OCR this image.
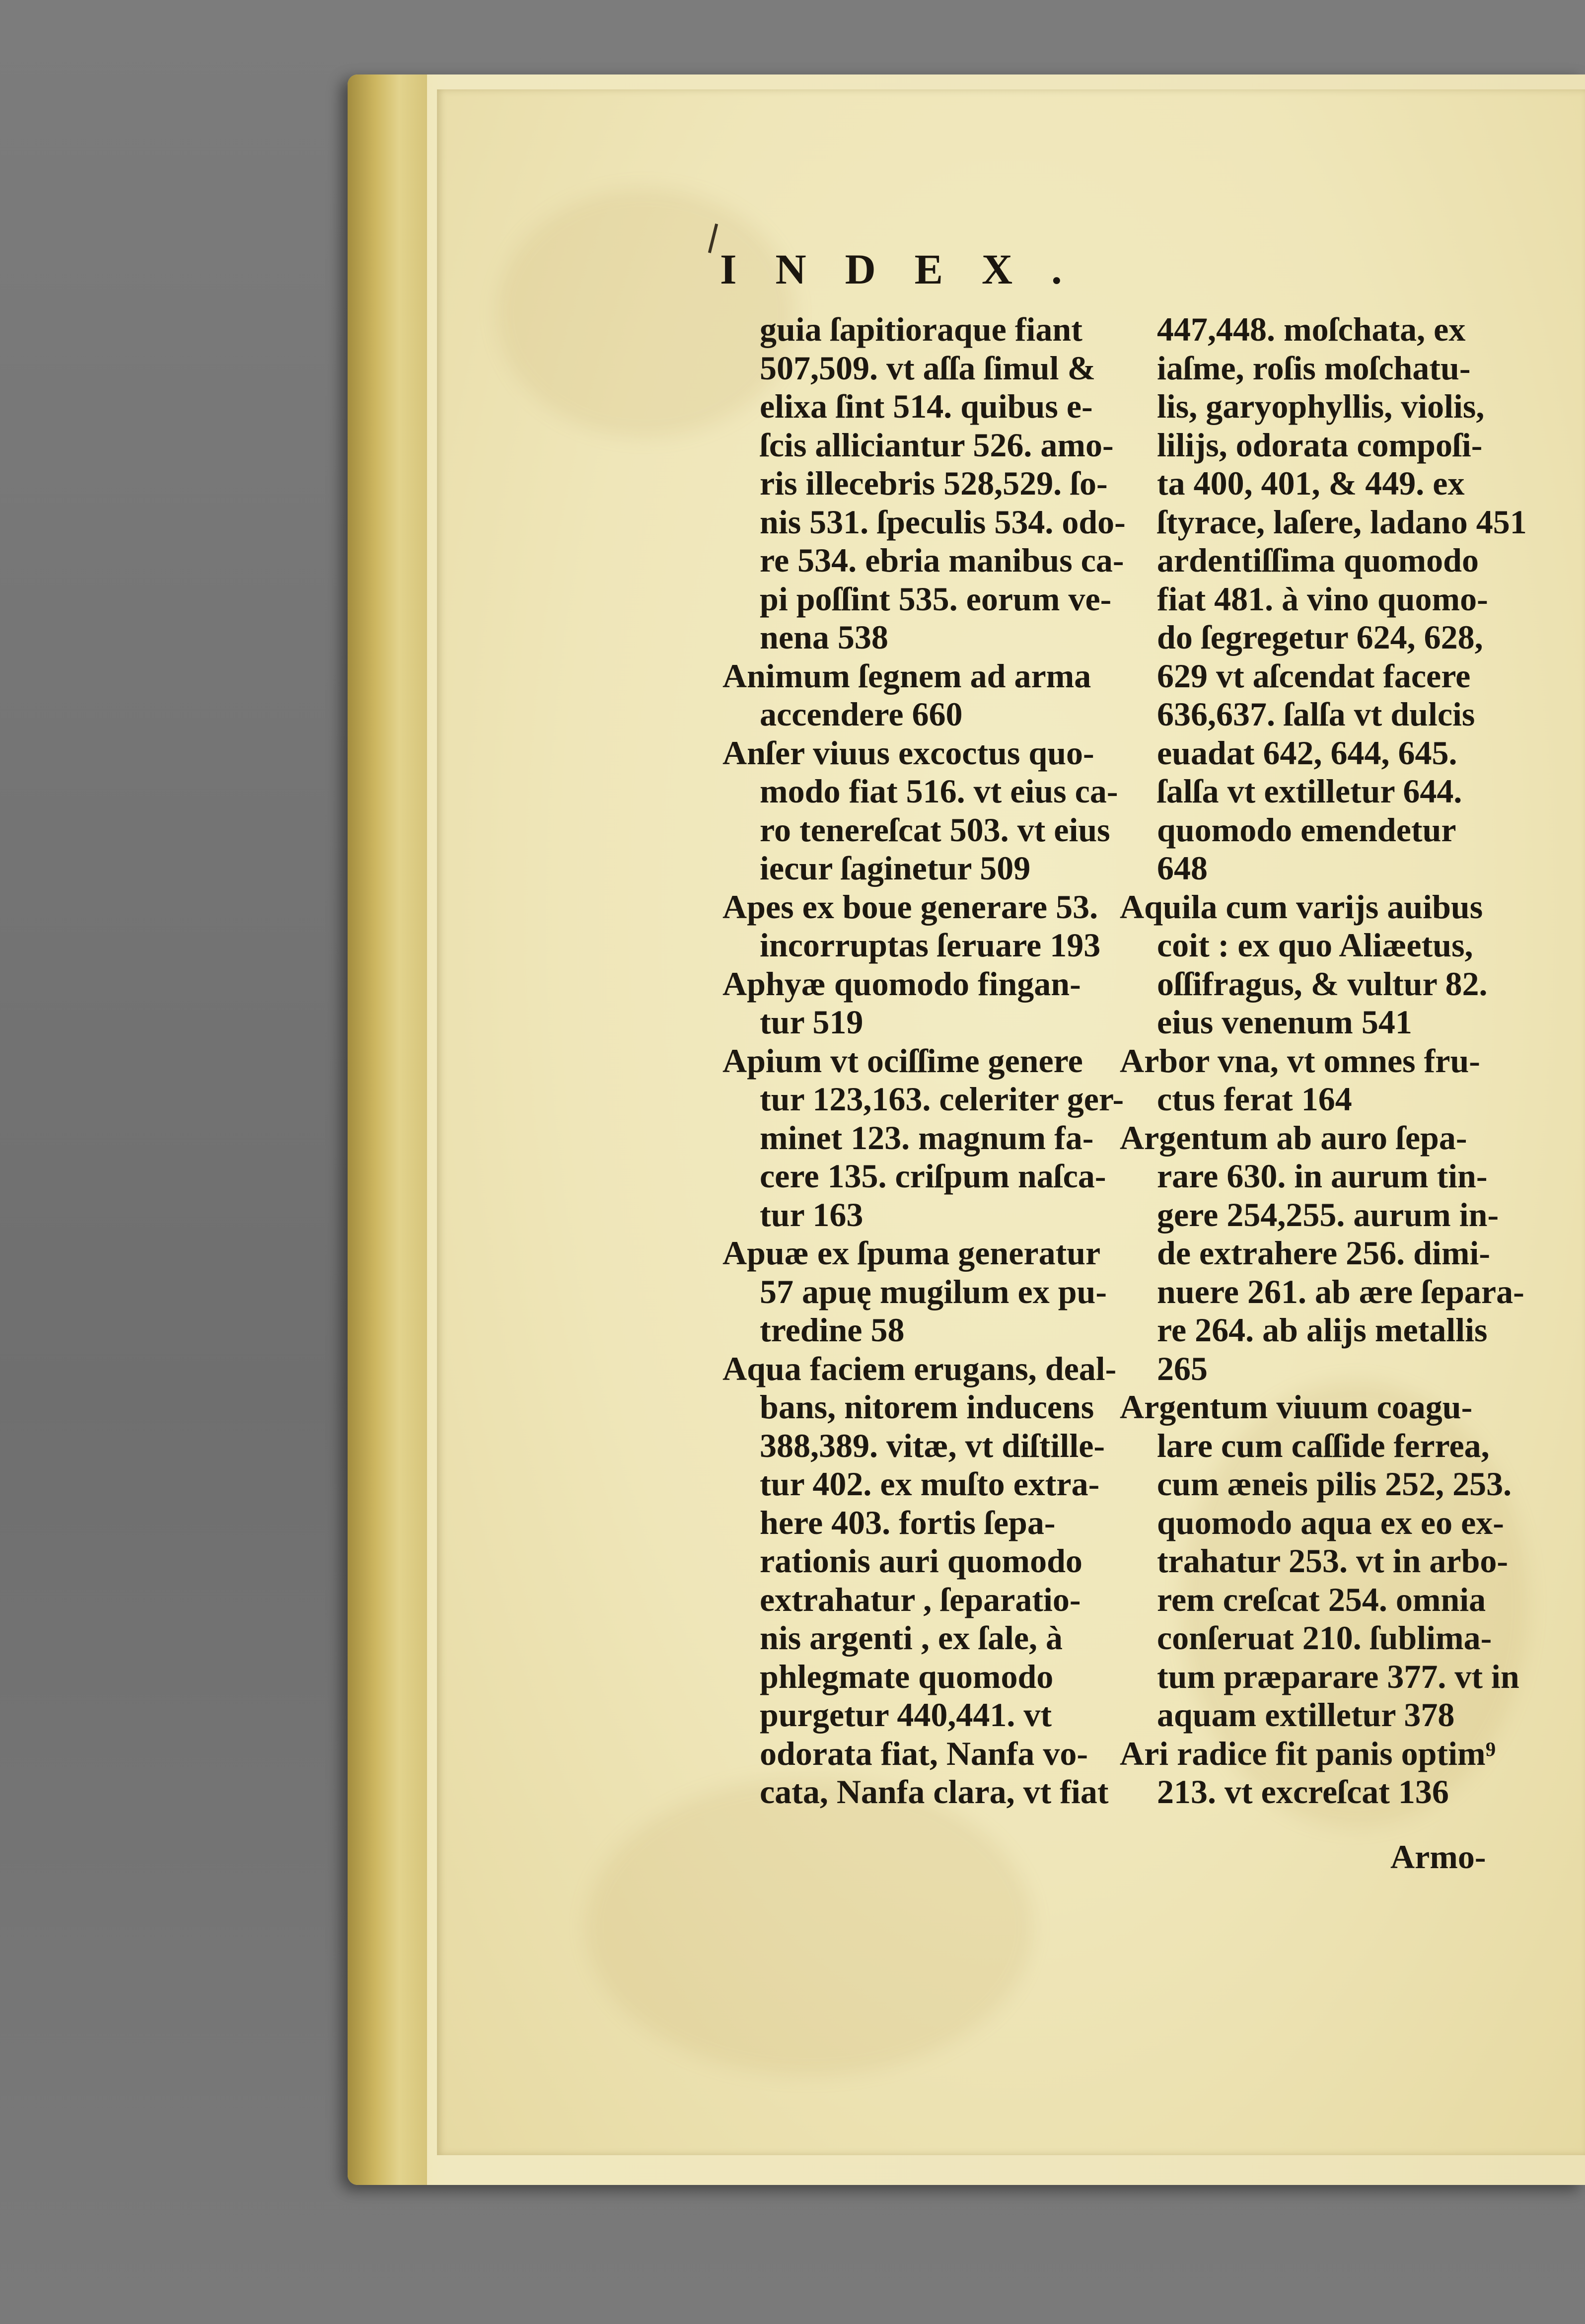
INDEX.
guia ſapitioraque fiant
507,509. vt aſſa ſimul &
elixa ſint 514. quibus e-
ſcis alliciantur 526. amo-
ris illecebris 528,529. ſo-
nis 531. ſpeculis 534. odo-
re 534. ebria manibus ca-
pi poſſint 535. eorum ve-
nena 538
Animum ſegnem ad arma
accendere 660
Anſer viuus excoctus quo-
modo fiat 516. vt eius ca-
ro tenereſcat 503. vt eius
iecur ſaginetur 509
Apes ex boue generare 53.
incorruptas ſeruare 193
Aphyæ quomodo fingan-
tur 519
Apium vt ociſſime genere
tur 123,163. celeriter ger-
minet 123. magnum fa-
cere 135. criſpum naſca-
tur 163
Apuæ ex ſpuma generatur
57 apuę mugilum ex pu-
tredine 58
Aqua faciem erugans, deal-
bans, nitorem inducens
388,389. vitæ, vt diſtille-
tur 402. ex muſto extra-
here 403. fortis ſepa-
rationis auri quomodo
extrahatur , ſeparatio-
nis argenti , ex ſale, à
phlegmate quomodo
purgetur 440,441. vt
odorata fiat, Nanfa vo-
cata, Nanfa clara, vt fiat
447,448. moſchata, ex
iaſme, roſis moſchatu-
lis, garyophyllis, violis,
lilijs, odorata compoſi-
ta 400, 401, & 449. ex
ſtyrace, laſere, ladano 451
ardentiſſima quomodo
fiat 481. à vino quomo-
do ſegregetur 624, 628,
629 vt aſcendat facere
636,637. ſalſa vt dulcis
euadat 642, 644, 645.
ſalſa vt extilletur 644.
quomodo emendetur
648
Aquila cum varijs auibus
coit : ex quo Aliæetus,
oſſifragus, & vultur 82.
eius venenum 541
Arbor vna, vt omnes fru-
ctus ferat 164
Argentum ab auro ſepa-
rare 630. in aurum tin-
gere 254,255. aurum in-
de extrahere 256. dimi-
nuere 261. ab ære ſepara-
re 264. ab alijs metallis
265
Argentum viuum coagu-
lare cum caſſide ferrea,
cum æneis pilis 252, 253.
quomodo aqua ex eo ex-
trahatur 253. vt in arbo-
rem creſcat 254. omnia
conſeruat 210. ſublima-
tum præparare 377. vt in
aquam extilletur 378
Ari radice fit panis optim⁹
213. vt excreſcat 136
Armo-
